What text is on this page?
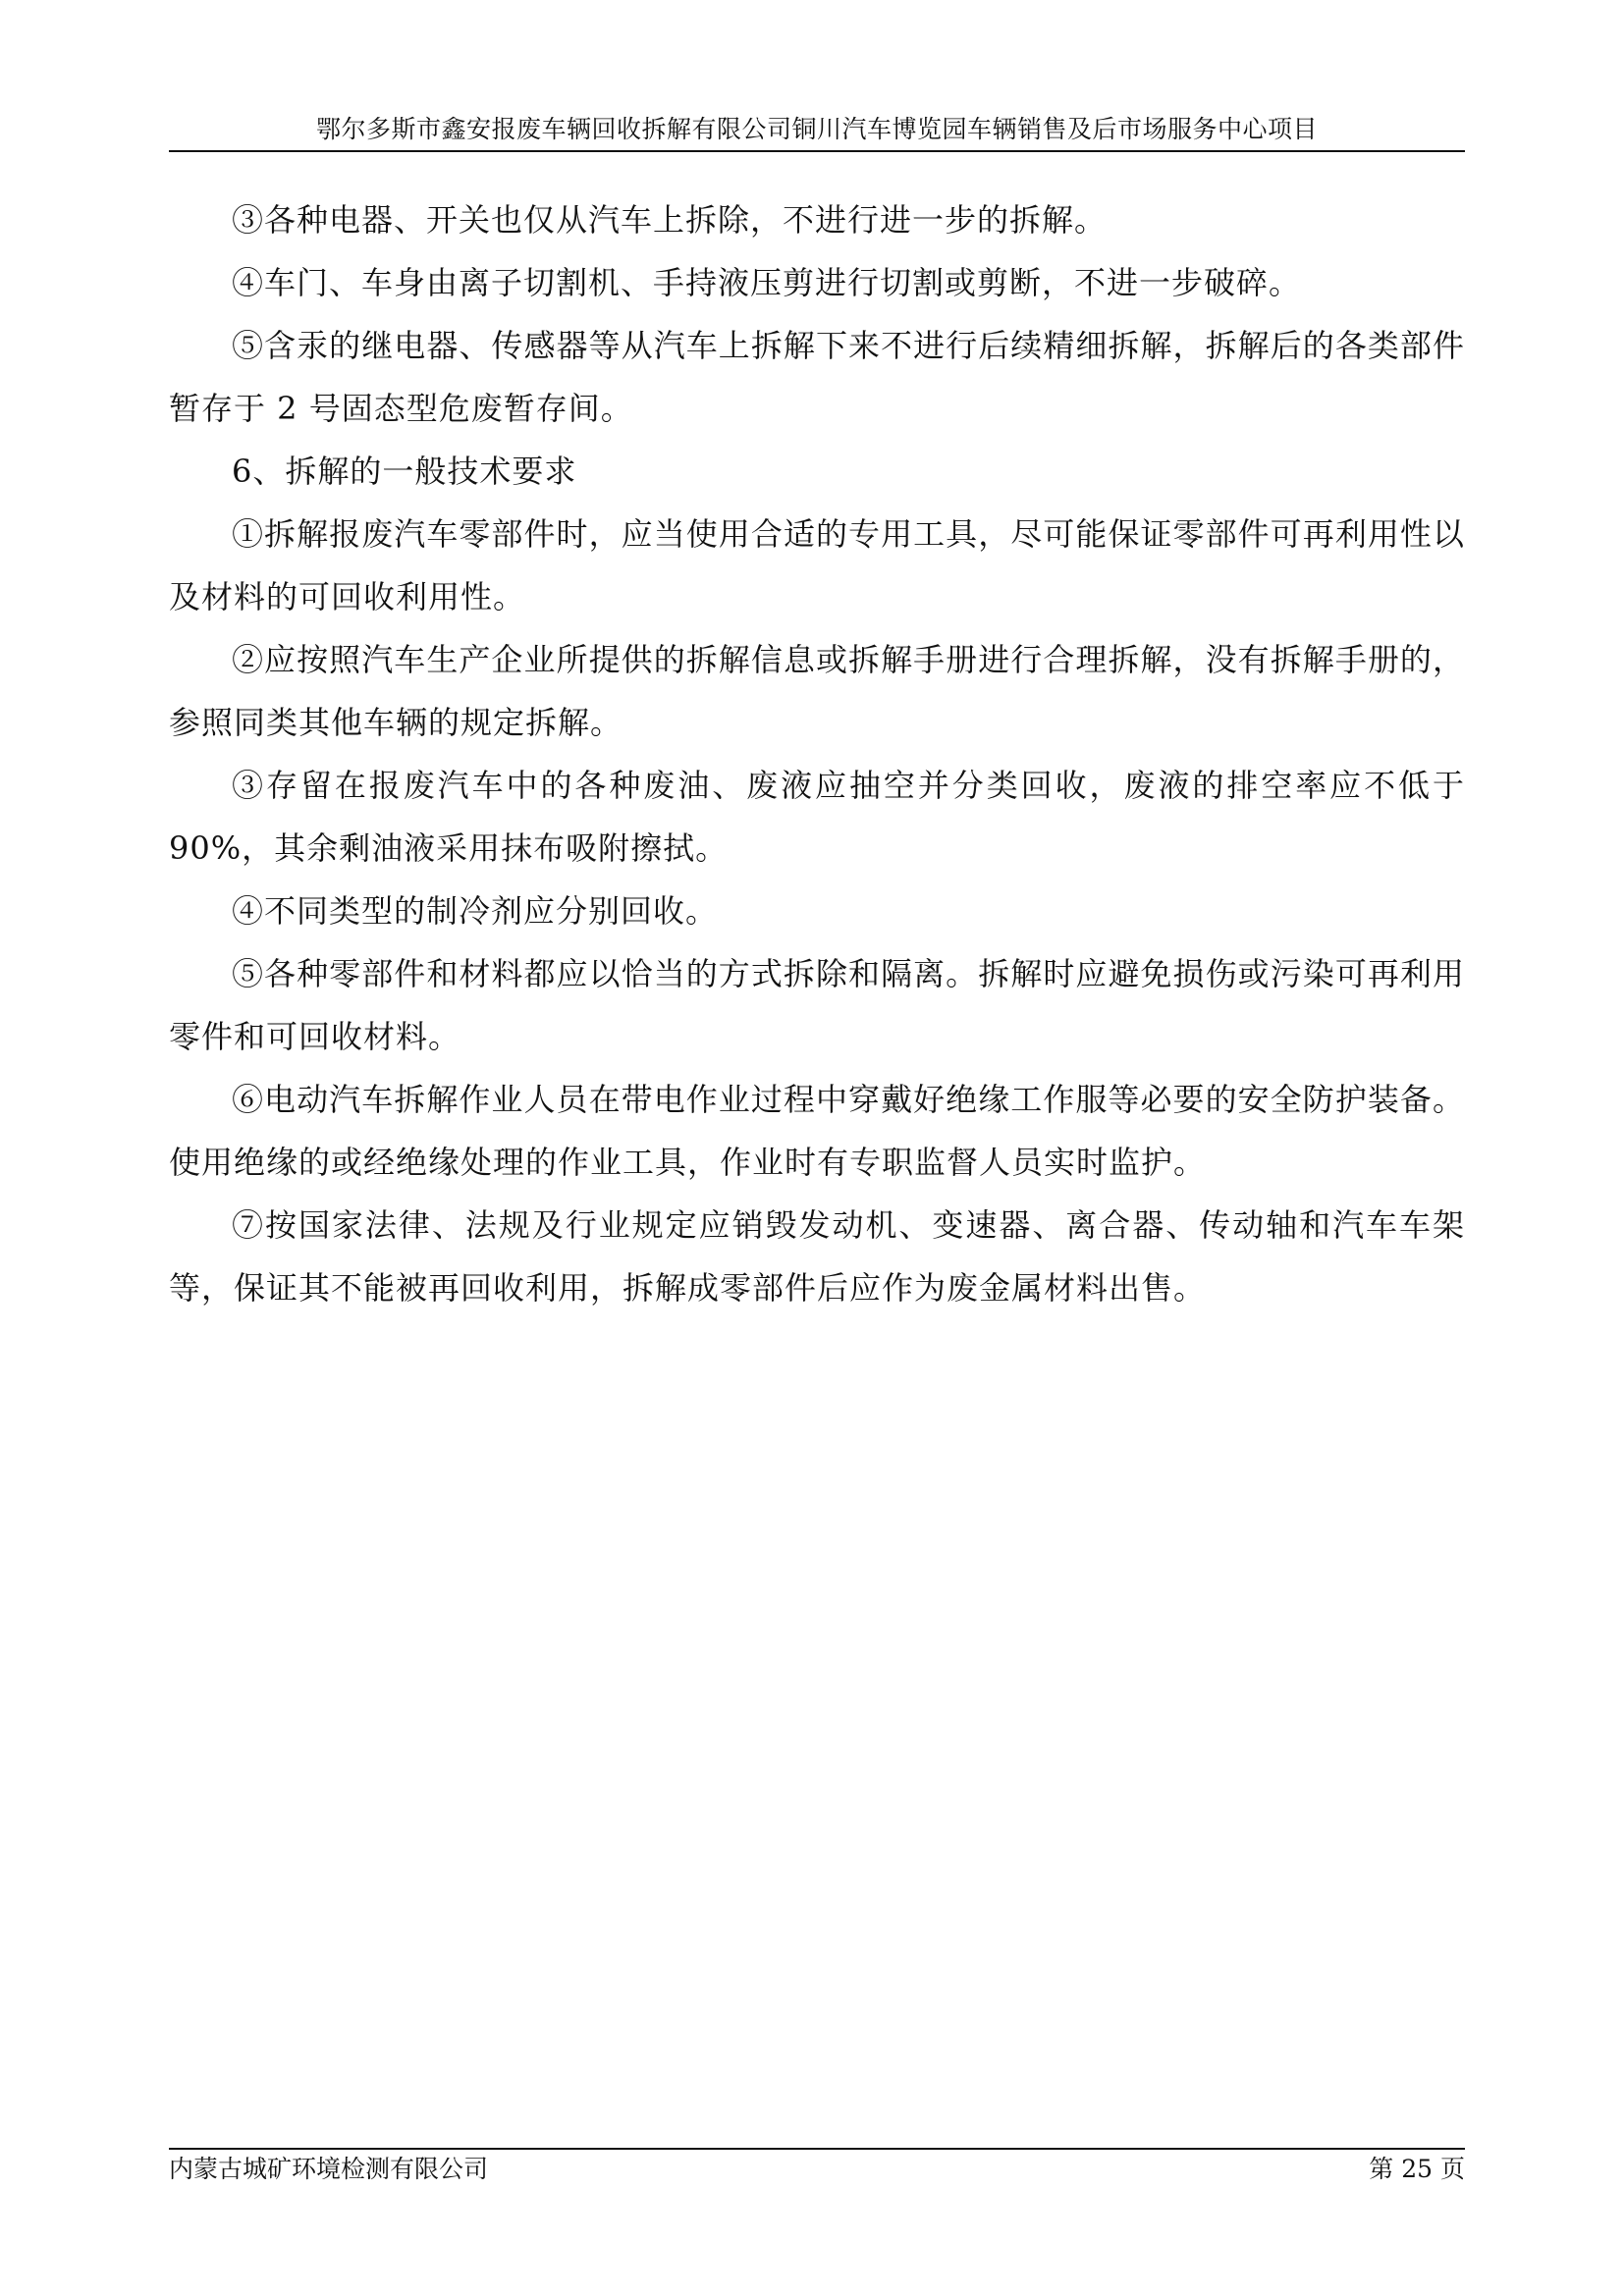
鄂尔多斯市鑫安报废车辆回收拆解有限公司铜川汽车博览园车辆销售及后市场服务中心项目

③各种电器、开关也仅从汽车上拆除，不进行进一步的拆解。

④车门、车身由离子切割机、手持液压剪进行切割或剪断，不进一步破碎。

⑤含汞的继电器、传感器等从汽车上拆解下来不进行后续精细拆解，拆解后的各类部件暂存于 2 号固态型危废暂存间。

6、拆解的一般技术要求

①拆解报废汽车零部件时，应当使用合适的专用工具，尽可能保证零部件可再利用性以及材料的可回收利用性。

②应按照汽车生产企业所提供的拆解信息或拆解手册进行合理拆解，没有拆解手册的，参照同类其他车辆的规定拆解。

③存留在报废汽车中的各种废油、废液应抽空并分类回收，废液的排空率应不低于90%，其余剩油液采用抹布吸附擦拭。

④不同类型的制冷剂应分别回收。

⑤各种零部件和材料都应以恰当的方式拆除和隔离。拆解时应避免损伤或污染可再利用零件和可回收材料。

⑥电动汽车拆解作业人员在带电作业过程中穿戴好绝缘工作服等必要的安全防护装备。使用绝缘的或经绝缘处理的作业工具，作业时有专职监督人员实时监护。

⑦按国家法律、法规及行业规定应销毁发动机、变速器、离合器、传动轴和汽车车架等，保证其不能被再回收利用，拆解成零部件后应作为废金属材料出售。

内蒙古城矿环境检测有限公司	第 25 页
